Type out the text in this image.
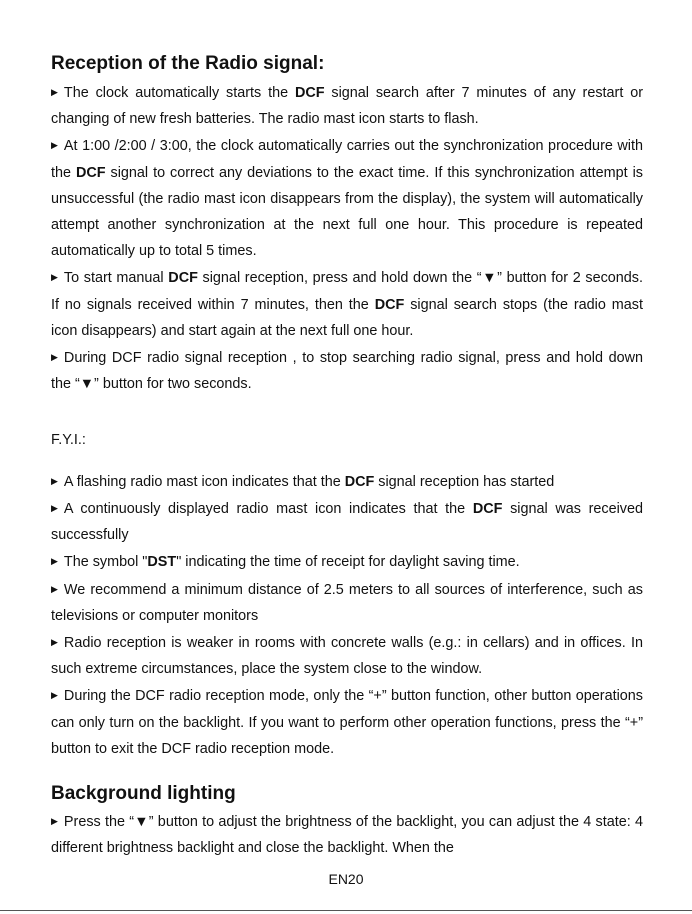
Reception of the Radio signal:

▶ The clock automatically starts the DCF signal search after 7 minutes of any restart or changing of new fresh batteries. The radio mast icon starts to flash.

▶ At 1:00 /2:00 / 3:00, the clock automatically carries out the synchronization procedure with the DCF signal to correct any deviations to the exact time. If this synchronization attempt is unsuccessful (the radio mast icon disappears from the display), the system will automatically attempt another synchronization at the next full one hour. This procedure is repeated automatically up to total 5 times.

▶ To start manual DCF signal reception, press and hold down the “▼” button for 2 seconds. If no signals received within 7 minutes, then the DCF signal search stops (the radio mast icon disappears) and start again at the next full one hour.

▶ During DCF radio signal reception , to stop searching radio signal, press and hold down the “▼” button for two seconds.

F.Y.I.:

▶ A flashing radio mast icon indicates that the DCF signal reception has started

▶ A continuously displayed radio mast icon indicates that the DCF signal was received successfully

▶ The symbol "DST" indicating the time of receipt for daylight saving time.

▶ We recommend a minimum distance of 2.5 meters to all sources of interference, such as televisions or computer monitors

▶ Radio reception is weaker in rooms with concrete walls (e.g.: in cellars) and in offices. In such extreme circumstances, place the system close to the window.

▶ During the DCF radio reception mode, only the “+” button function, other button operations can only turn on the backlight. If you want to perform other operation functions, press the “+” button to exit the DCF radio reception mode.

Background lighting

▶ Press the “▼” button to adjust the brightness of the backlight, you can adjust the 4 state: 4 different brightness backlight and close the backlight. When the

EN20
